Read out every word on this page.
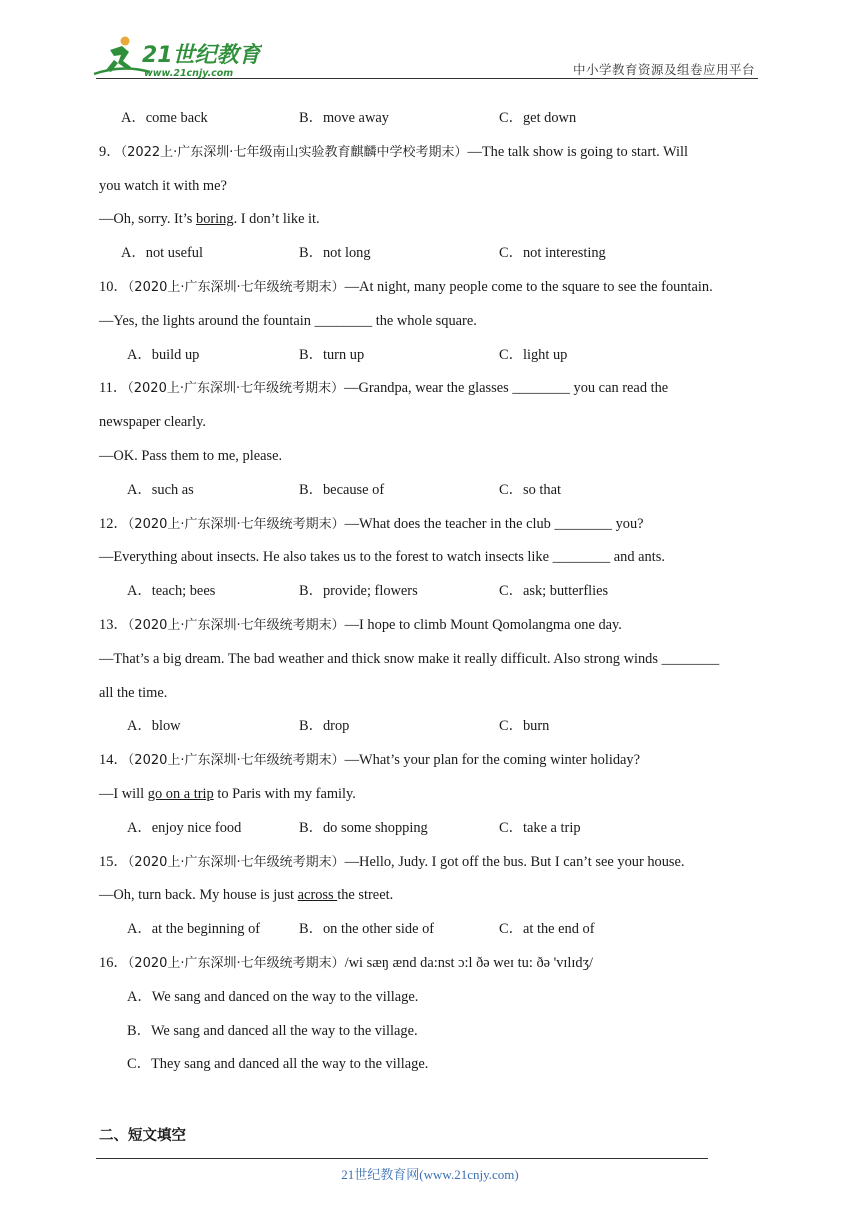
21世纪教育
www.21cnjy.com	中小学教育资源及组卷应用平台
A．come back	B．move away	C．get down
9．（2022上·广东深圳·七年级南山实验教育麒麟中学校考期末）—The talk show is going to start. Will
you watch it with me?
—Oh, sorry. It’s boring. I don’t like it.
A．not useful	B．not long	C．not interesting
10．（2020上·广东深圳·七年级统考期末）—At night, many people come to the square to see the fountain.
—Yes, the lights around the fountain ________ the whole square.
A．build up	B．turn up	C．light up
11．（2020上·广东深圳·七年级统考期末）—Grandpa, wear the glasses ________ you can read the
newspaper clearly.
—OK. Pass them to me, please.
A．such as	B．because of	C．so that
12．（2020上·广东深圳·七年级统考期末）—What does the teacher in the club ________ you?
—Everything about insects. He also takes us to the forest to watch insects like ________ and ants.
A．teach; bees	B．provide; flowers	C．ask; butterflies
13．（2020上·广东深圳·七年级统考期末）—I hope to climb Mount Qomolangma one day.
—That’s a big dream. The bad weather and thick snow make it really difficult. Also strong winds ________
all the time.
A．blow	B．drop	C．burn
14．（2020上·广东深圳·七年级统考期末）—What’s your plan for the coming winter holiday?
—I will go on a trip to Paris with my family.
A．enjoy nice food	B．do some shopping	C．take a trip
15．（2020上·广东深圳·七年级统考期末）—Hello, Judy. I got off the bus. But I can’t see your house.
—Oh, turn back. My house is just across the street.
A．at the beginning of	B．on the other side of	C．at the end of
16．（2020上·广东深圳·七年级统考期末）/wi sæŋ ænd da:nst ɔ:l ðə weɪ tu: ðə 'vɪlɪdʒ/
A．We sang and danced on the way to the village.
B．We sang and danced all the way to the village.
C．They sang and danced all the way to the village.
二、短文填空
21世纪教育网(www.21cnjy.com)
